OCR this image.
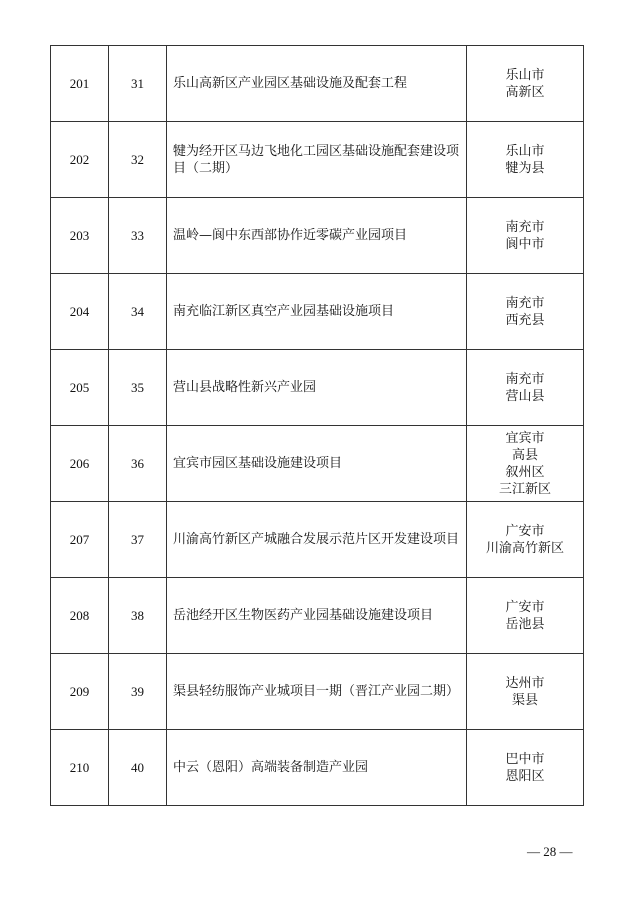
201	31	乐山高新区产业园区基础设施及配套工程	乐山市
高新区

202	32	犍为经开区马边飞地化工园区基础设施配套建设项目（二期）	乐山市
犍为县

203	33	温岭—阆中东西部协作近零碳产业园项目	南充市
阆中市

204	34	南充临江新区真空产业园基础设施项目	南充市
西充县

205	35	营山县战略性新兴产业园	南充市
营山县

206	36	宜宾市园区基础设施建设项目	宜宾市
高县
叙州区
三江新区

207	37	川渝高竹新区产城融合发展示范片区开发建设项目	广安市
川渝高竹新区

208	38	岳池经开区生物医药产业园基础设施建设项目	广安市
岳池县

209	39	渠县轻纺服饰产业城项目一期（晋江产业园二期）	达州市
渠县

210	40	中云（恩阳）高端装备制造产业园	巴中市
恩阳区
— 28 —
